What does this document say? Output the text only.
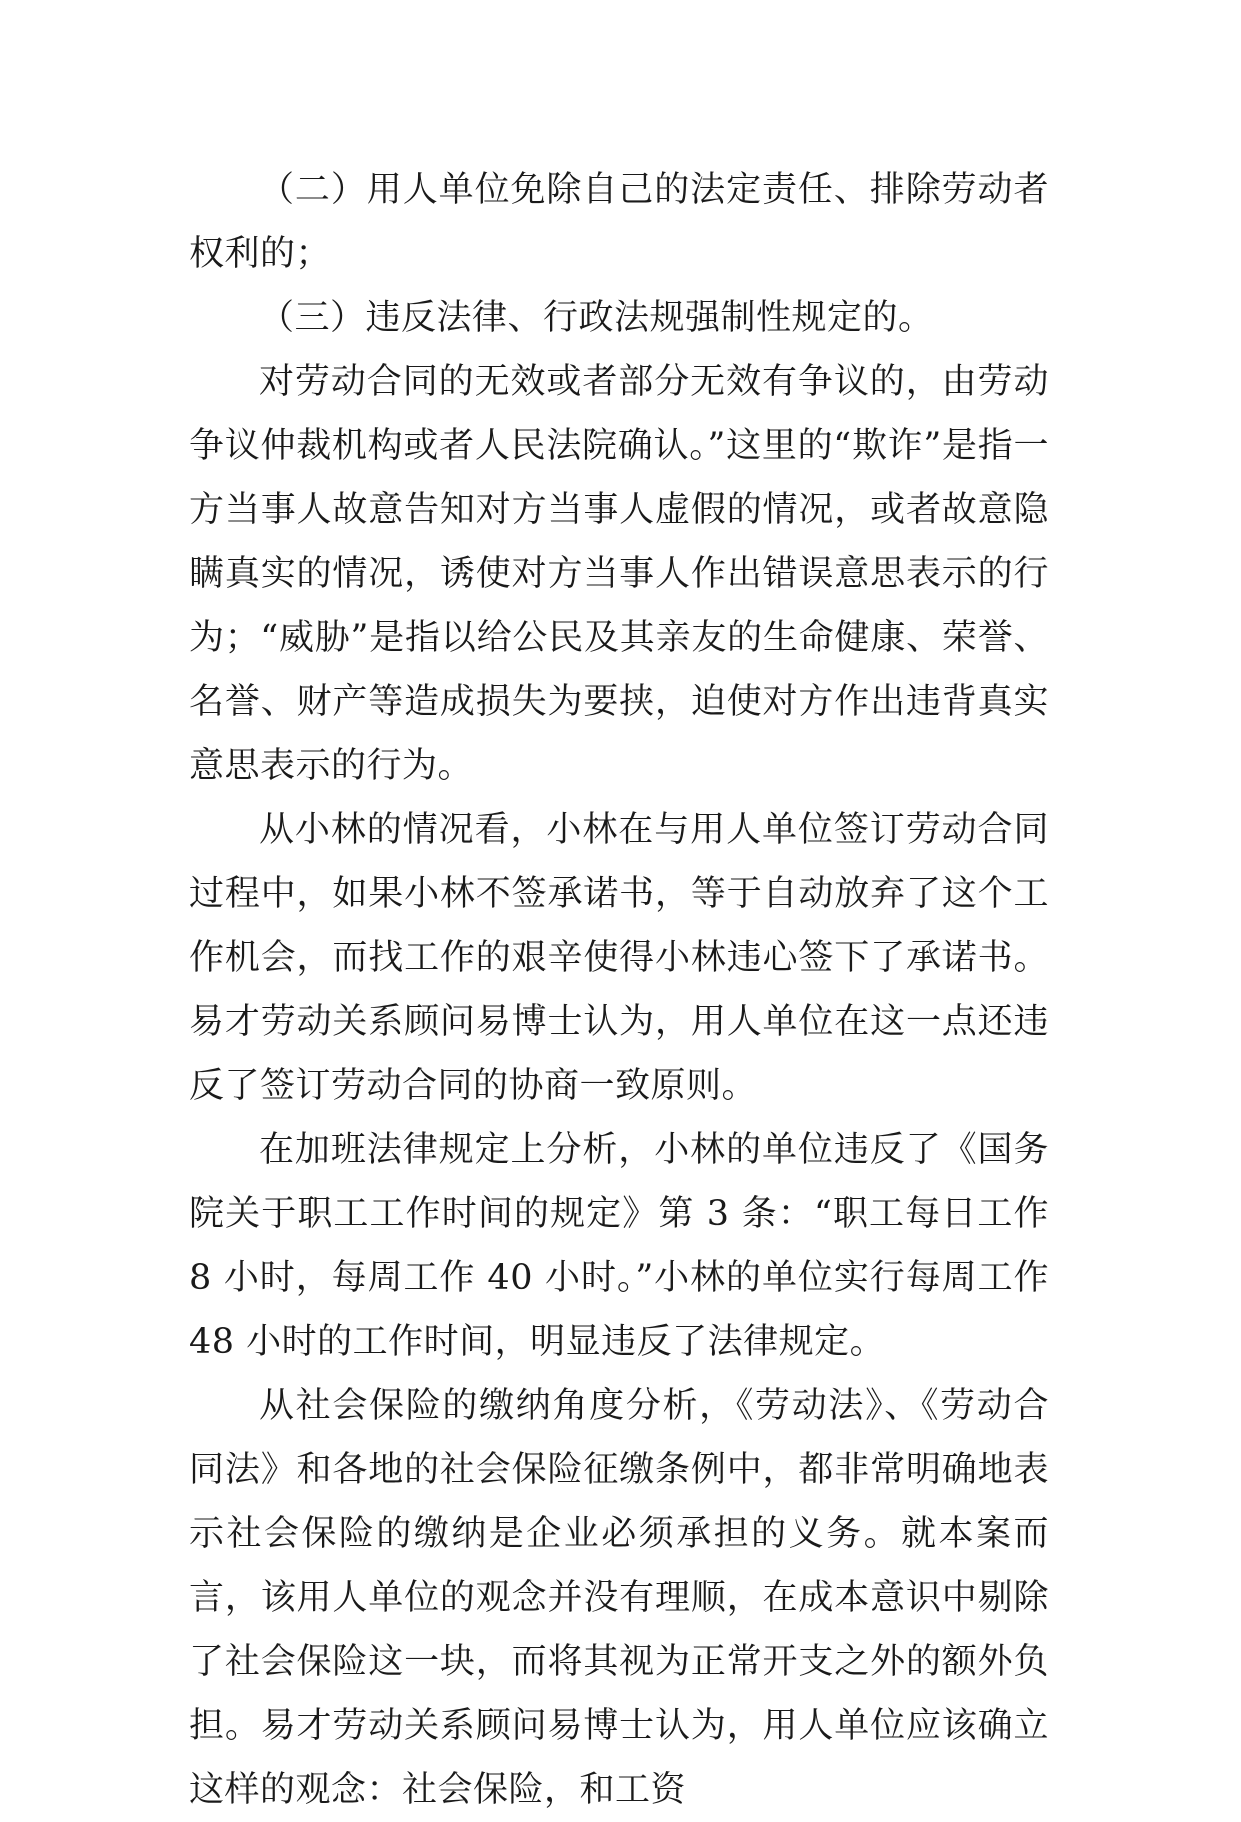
（二）用人单位免除自己的法定责任、排除劳动者权利的；

（三）违反法律、行政法规强制性规定的。

对劳动合同的无效或者部分无效有争议的，由劳动争议仲裁机构或者人民法院确认。”这里的“欺诈”是指一方当事人故意告知对方当事人虚假的情况，或者故意隐瞒真实的情况，诱使对方当事人作出错误意思表示的行为；“威胁”是指以给公民及其亲友的生命健康、荣誉、名誉、财产等造成损失为要挟，迫使对方作出违背真实意思表示的行为。

从小林的情况看，小林在与用人单位签订劳动合同过程中，如果小林不签承诺书，等于自动放弃了这个工作机会，而找工作的艰辛使得小林违心签下了承诺书。易才劳动关系顾问易博士认为，用人单位在这一点还违反了签订劳动合同的协商一致原则。

在加班法律规定上分析，小林的单位违反了《国务院关于职工工作时间的规定》第 3 条：“职工每日工作 8 小时，每周工作 40 小时。”小林的单位实行每周工作 48 小时的工作时间，明显违反了法律规定。

从社会保险的缴纳角度分析，《劳动法》、《劳动合同法》和各地的社会保险征缴条例中，都非常明确地表示社会保险的缴纳是企业必须承担的义务。就本案而言，该用人单位的观念并没有理顺，在成本意识中剔除了社会保险这一块，而将其视为正常开支之外的额外负担。易才劳动关系顾问易博士认为，用人单位应该确立这样的观念：社会保险，和工资
